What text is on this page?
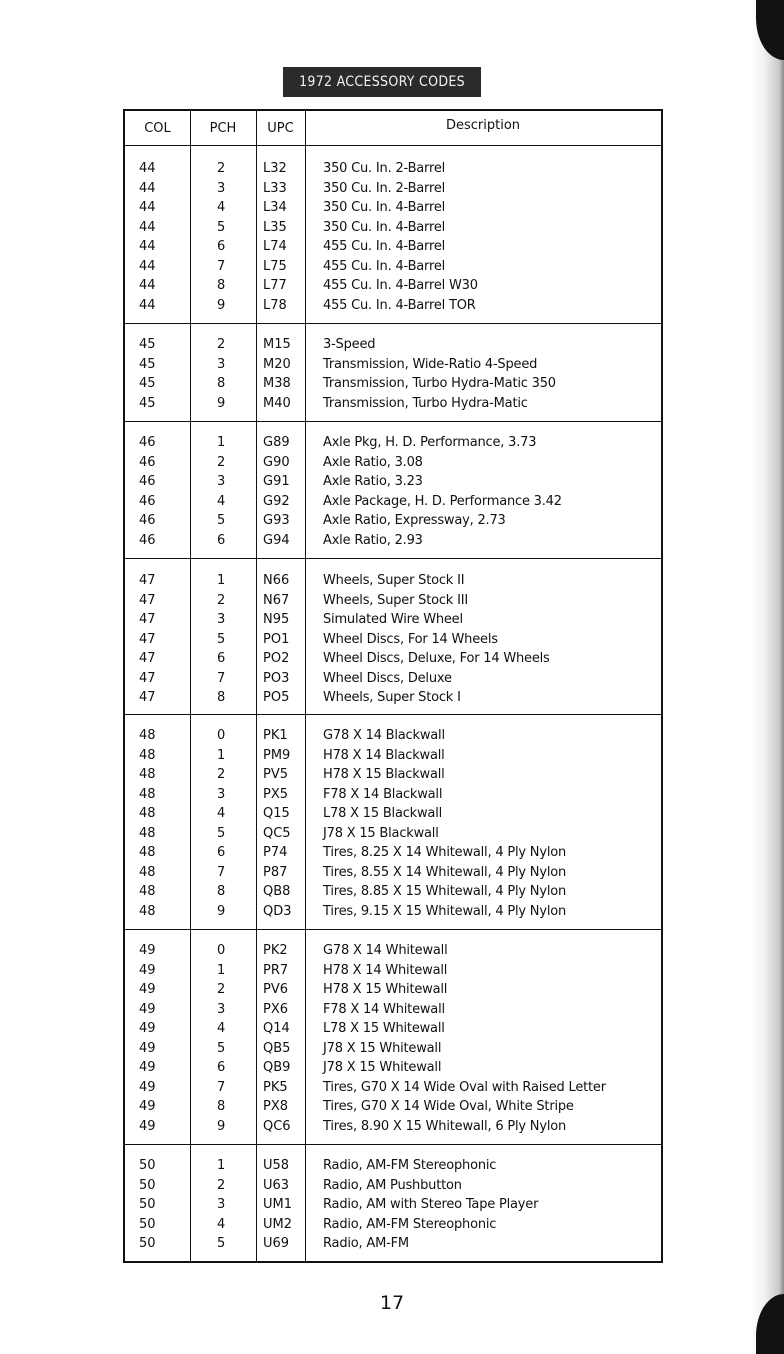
1972 ACCESSORY CODES
COL	PCH	UPC	Description
44	2	L32	350 Cu. In. 2-Barrel
44	3	L33	350 Cu. In. 2-Barrel
44	4	L34	350 Cu. In. 4-Barrel
44	5	L35	350 Cu. In. 4-Barrel
44	6	L74	455 Cu. In. 4-Barrel
44	7	L75	455 Cu. In. 4-Barrel
44	8	L77	455 Cu. In. 4-Barrel W30
44	9	L78	455 Cu. In. 4-Barrel TOR
45	2	M15 3-Speed
45	3	M20 Transmission, Wide-Ratio 4-Speed
45	8	M38 Transmission, Turbo Hydra-Matic 350
45	9	M40 Transmission, Turbo Hydra-Matic
46	1	G89	Axle Pkg, H. D. Performance, 3.73
46	2	G90	Axle Ratio, 3.08
46	3	G91	Axle Ratio, 3.23
46	4	G92	Axle Package, H. D. Performance 3.42
46	5	G93	Axle Ratio, Expressway, 2.73
46	6	G94	Axle Ratio, 2.93
47	1	N66	Wheels, Super Stock II
47	2	N67	Wheels, Super Stock III
47	3	N95	Simulated Wire Wheel
47	5	PO1	Wheel Discs, For 14 Wheels
47	6	PO2	Wheel Discs, Deluxe, For 14 Wheels
47	7	PO3	Wheel Discs, Deluxe
47	8	PO5	Wheels, Super Stock I
48	0	PK1	G78 X 14 Blackwall
48	1	PM9	H78 X 14 Blackwall
48	2	PV5	H78 X 15 Blackwall
48	3	PX5	F78 X 14 Blackwall
48	4	Q15	L78 X 15 Blackwall
48	5	QC5 J78 X 15 Blackwall
48	6	P74	Tires, 8.25 X 14 Whitewall, 4 Ply Nylon
48	7	P87	Tires, 8.55 X 14 Whitewall, 4 Ply Nylon
48	8	QB8	Tires, 8.85 X 15 Whitewall, 4 Ply Nylon
48	9	QD3 Tires, 9.15 X 15 Whitewall, 4 Ply Nylon
49	0	PK2	G78 X 14 Whitewall
49	1	PR7	H78 X 14 Whitewall
49	2	PV6	H78 X 15 Whitewall
49	3	PX6	F78 X 14 Whitewall
49	4	Q14	L78 X 15 Whitewall
49	5	QB5	J78 X 15 Whitewall
49	6	QB9	J78 X 15 Whitewall
49	7	PK5	Tires, G70 X 14 Wide Oval with Raised Letter
49	8	PX8	Tires, G70 X 14 Wide Oval, White Stripe
49	9	QC6 Tires, 8.90 X 15 Whitewall, 6 Ply Nylon
50	1	U58	Radio, AM-FM Stereophonic
50	2	U63	Radio, AM Pushbutton
50	3	UM1 Radio, AM with Stereo Tape Player
50	4	UM2 Radio, AM-FM Stereophonic
50	5	U69	Radio, AM-FM
17
